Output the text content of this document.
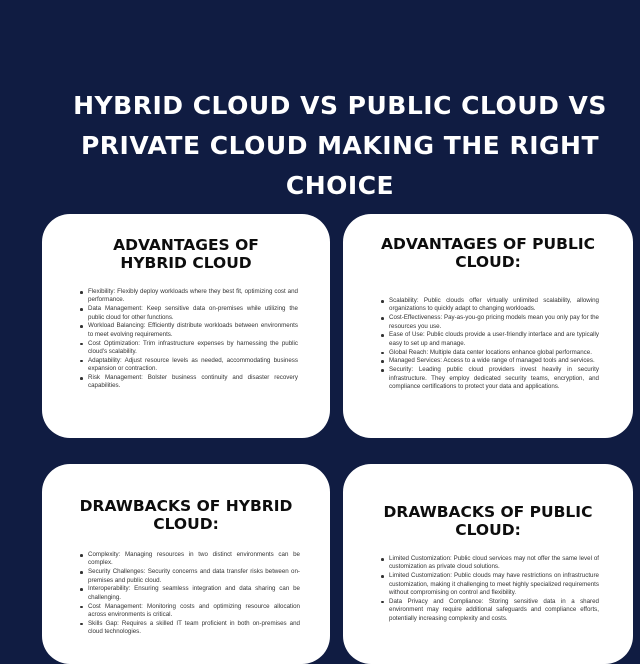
HYBRID CLOUD VS PUBLIC CLOUD VS PRIVATE CLOUD MAKING THE RIGHT CHOICE
ADVANTAGES OF HYBRID CLOUD
Flexibility: Flexibly deploy workloads where they best fit, optimizing cost and performance.
Data Management: Keep sensitive data on-premises while utilizing the public cloud for other functions.
Workload Balancing: Efficiently distribute workloads between environments to meet evolving requirements.
Cost Optimization: Trim infrastructure expenses by harnessing the public cloud's scalability.
Adaptability: Adjust resource levels as needed, accommodating business expansion or contraction.
Risk Management: Bolster business continuity and disaster recovery capabilities.
ADVANTAGES OF PUBLIC CLOUD:
Scalability: Public clouds offer virtually unlimited scalability, allowing organizations to quickly adapt to changing workloads.
Cost-Effectiveness: Pay-as-you-go pricing models mean you only pay for the resources you use.
Ease of Use: Public clouds provide a user-friendly interface and are typically easy to set up and manage.
Global Reach: Multiple data center locations enhance global performance.
Managed Services: Access to a wide range of managed tools and services.
Security: Leading public cloud providers invest heavily in security infrastructure. They employ dedicated security teams, encryption, and compliance certifications to protect your data and applications.
DRAWBACKS OF HYBRID CLOUD:
Complexity: Managing resources in two distinct environments can be complex.
Security Challenges: Security concerns and data transfer risks between on-premises and public cloud.
Interoperability: Ensuring seamless integration and data sharing can be challenging.
Cost Management: Monitoring costs and optimizing resource allocation across environments is critical.
Skills Gap: Requires a skilled IT team proficient in both on-premises and cloud technologies.
DRAWBACKS OF PUBLIC CLOUD:
Limited Customization: Public cloud services may not offer the same level of customization as private cloud solutions.
Limited Customization: Public clouds may have restrictions on infrastructure customization, making it challenging to meet highly specialized requirements without compromising on control and flexibility.
Data Privacy and Compliance: Storing sensitive data in a shared environment may require additional safeguards and compliance efforts, potentially increasing complexity and costs.
